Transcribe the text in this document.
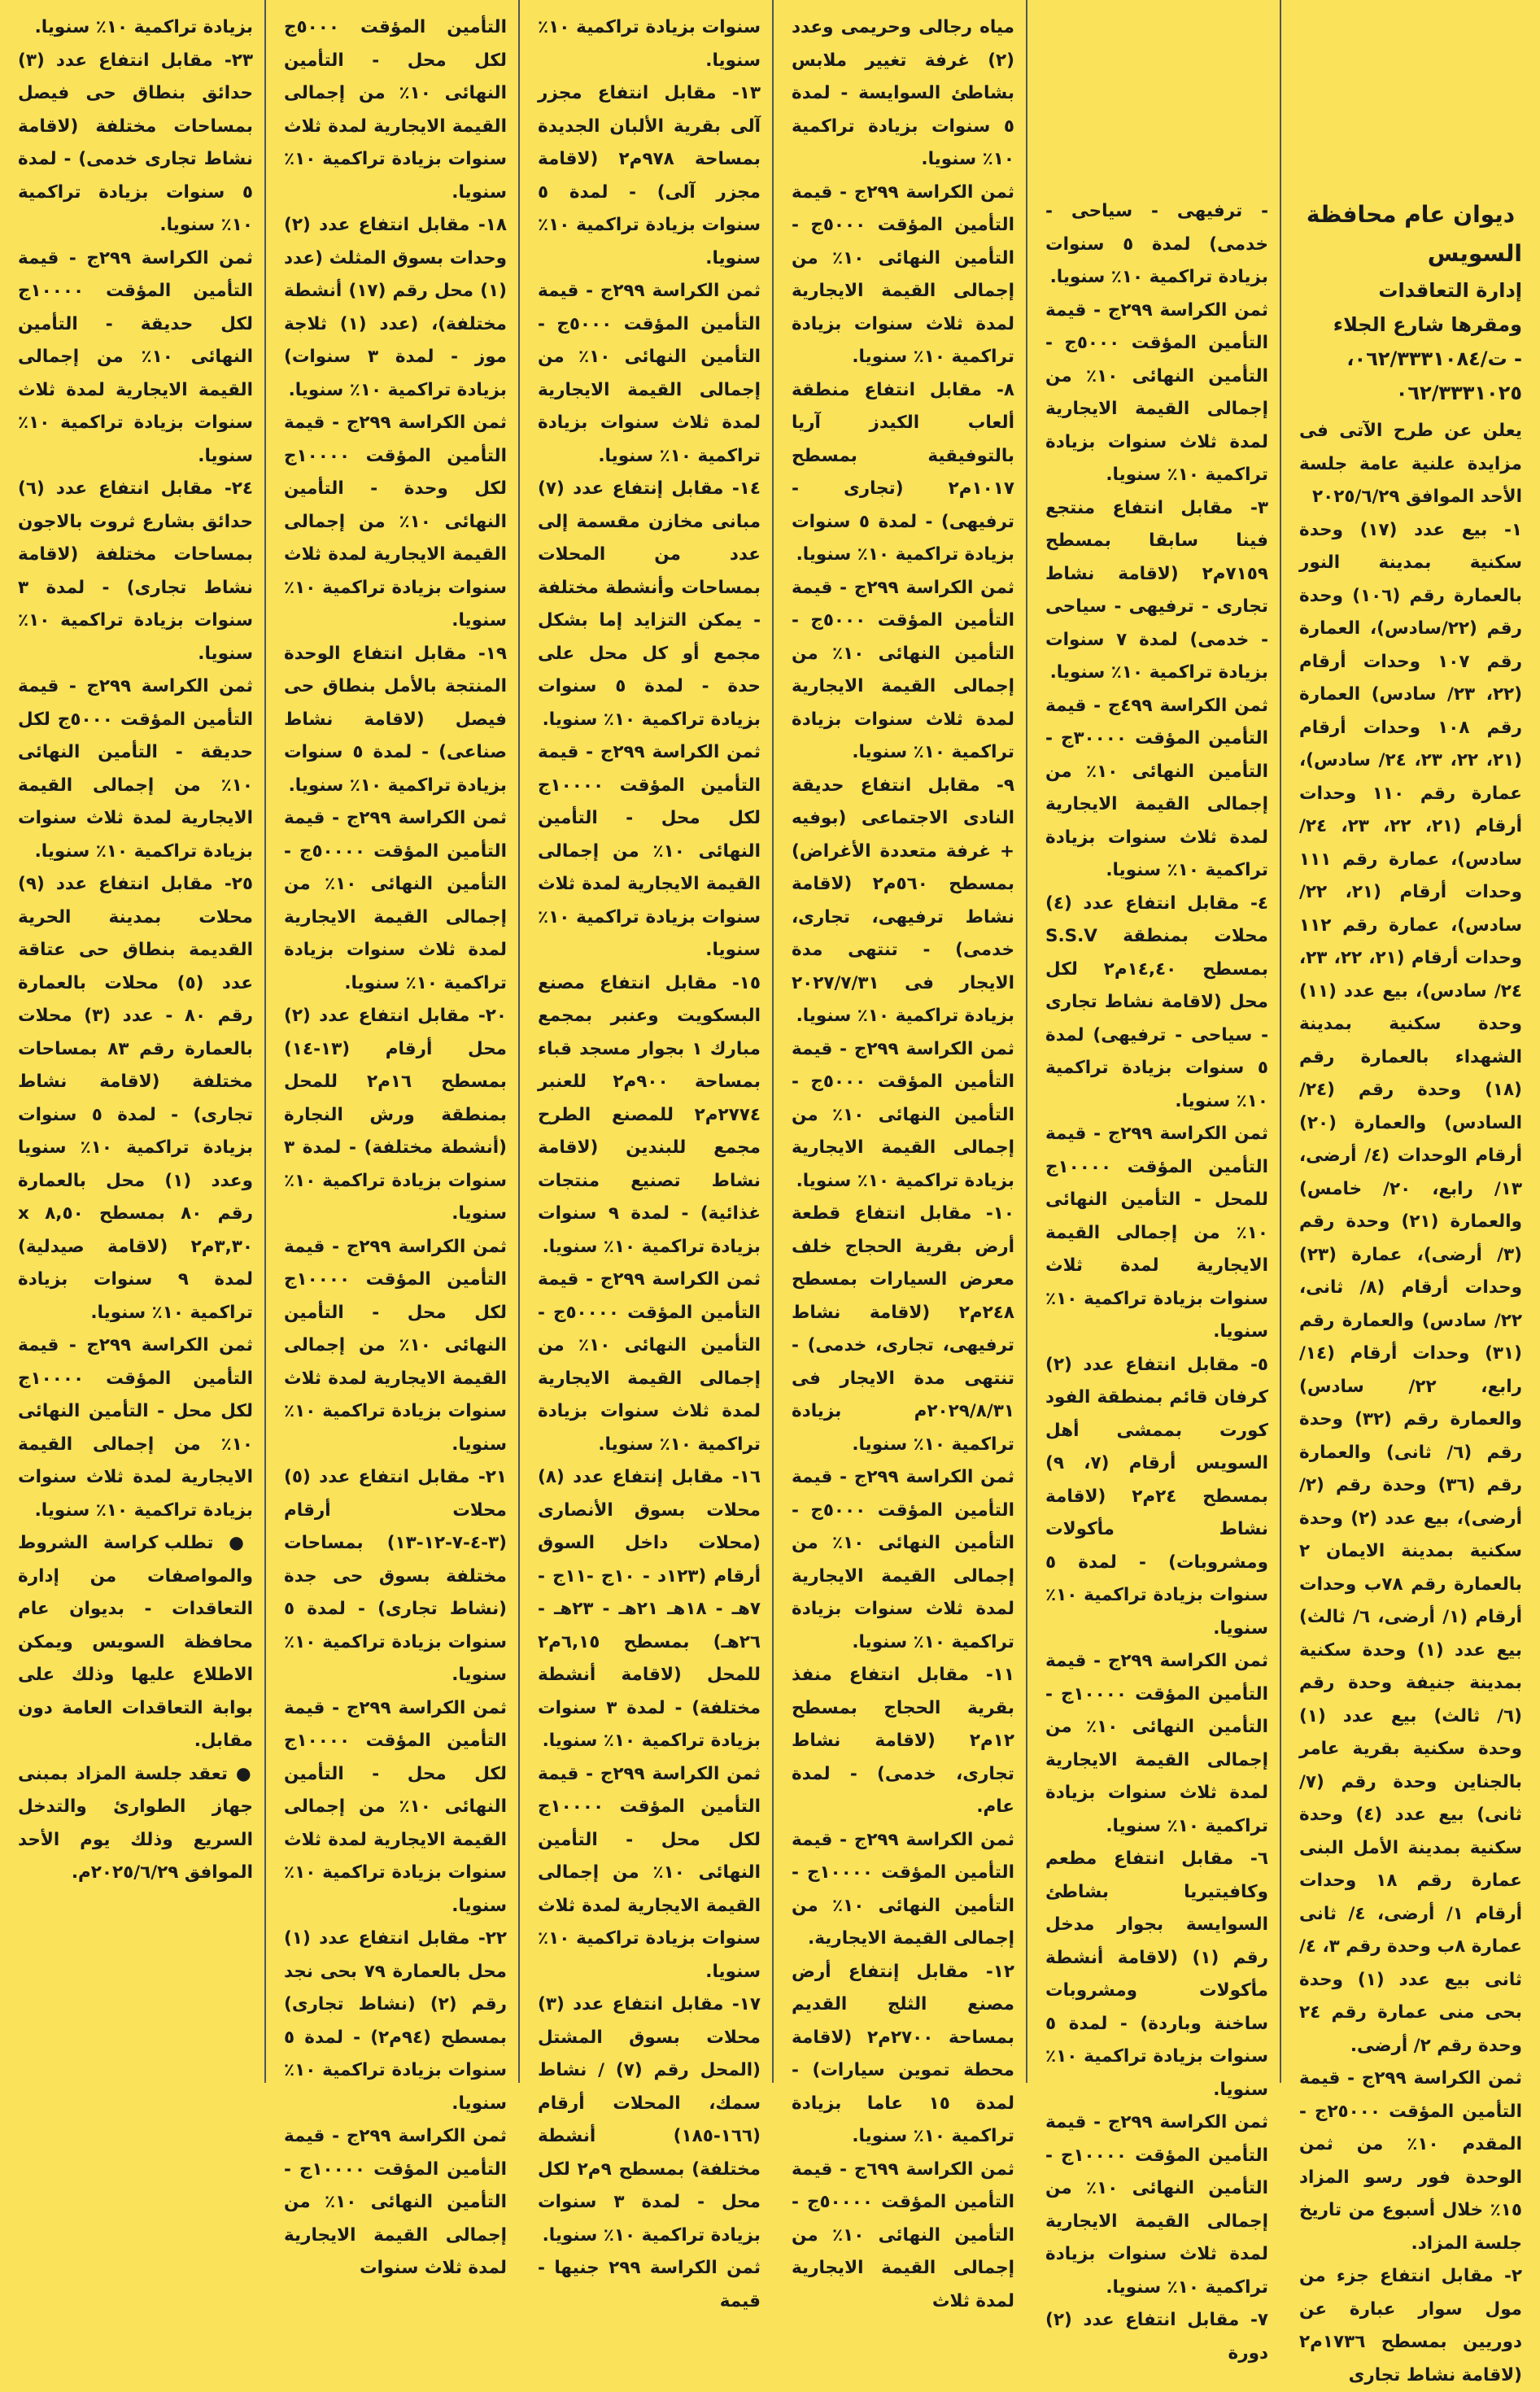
ديوان عام محافظة السويس
إدارة التعاقدات
ومقرها شارع الجلاء
- ت/٠٦٢/٣٣٣١٠٨٤،
٠٦٢/٣٣٣١٠٢٥

يعلن عن طرح الآتى فى مزايدة علنية عامة جلسة الأحد الموافق ٢٠٢٥/٦/٢٩

١- بيع عدد (١٧) وحدة سكنية بمدينة النور بالعمارة رقم (١٠٦) وحدة رقم (٢٢/سادس)، العمارة رقم ١٠٧ وحدات أرقام (٢٢، ٢٣/ سادس) العمارة رقم ١٠٨ وحدات أرقام (٢١، ٢٢، ٢٣، ٢٤/ سادس)، عمارة رقم ١١٠ وحدات أرقام (٢١، ٢٢، ٢٣، ٢٤/ سادس)، عمارة رقم ١١١ وحدات أرقام (٢١، ٢٢/ سادس)، عمارة رقم ١١٢ وحدات أرقام (٢١، ٢٢، ٢٣، ٢٤/ سادس)، بيع عدد (١١) وحدة سكنية بمدينة الشهداء بالعمارة رقم (١٨) وحدة رقم (٢٤/ السادس) والعمارة (٢٠) أرقام الوحدات (٤/ أرضى، ١٣/ رابع، ٢٠/ خامس) والعمارة (٢١) وحدة رقم (٣/ أرضى)، عمارة (٢٣) وحدات أرقام (٨/ ثانى، ٢٢/ سادس) والعمارة رقم (٣١) وحدات أرقام (١٤/ رابع، ٢٢/ سادس) والعمارة رقم (٣٢) وحدة رقم (٦/ ثانى) والعمارة رقم (٣٦) وحدة رقم (٢/ أرضى)، بيع عدد (٢) وحدة سكنية بمدينة الايمان ٢ بالعمارة رقم ٧٨ب وحدات أرقام (١/ أرضى، ٦/ ثالث) بيع عدد (١) وحدة سكنية بمدينة جنيفة وحدة رقم (٦/ ثالث) بيع عدد (١) وحدة سكنية بقرية عامر بالجناين وحدة رقم (٧/ ثانى) بيع عدد (٤) وحدة سكنية بمدينة الأمل البنى عمارة رقم ١٨ وحدات أرقام ١/ أرضى، ٤/ ثانى عمارة ٨ب وحدة رقم ٣، ٤/ ثانى بيع عدد (١) وحدة بحى منى عمارة رقم ٢٤ وحدة رقم ٢/ أرضى.

ثمن الكراسة ٢٩٩ج - قيمة التأمين المؤقت ٢٥٠٠٠ج - المقدم ١٠٪ من ثمن الوحدة فور رسو المزاد ١٥٪ خلال أسبوع من تاريخ جلسة المزاد.

٢- مقابل انتفاع جزء من مول سوار عبارة عن دوريين بمسطح ١٧٣٦م٢ (لاقامة نشاط تجارى

- ترفيهى - سياحى - خدمى) لمدة ٥ سنوات بزيادة تراكمية ١٠٪ سنويا.

ثمن الكراسة ٢٩٩ج - قيمة التأمين المؤقت ٥٠٠٠ج - التأمين النهائى ١٠٪ من إجمالى القيمة الايجارية لمدة ثلاث سنوات بزيادة تراكمية ١٠٪ سنويا.

٣- مقابل انتفاع منتجع فينا سابقا بمسطح ٧١٥٩م٢ (لاقامة نشاط تجارى - ترفيهى - سياحى - خدمى) لمدة ٧ سنوات بزيادة تراكمية ١٠٪ سنويا.

ثمن الكراسة ٤٩٩ج - قيمة التأمين المؤقت ٣٠٠٠٠ج - التأمين النهائى ١٠٪ من إجمالى القيمة الايجارية لمدة ثلاث سنوات بزيادة تراكمية ١٠٪ سنويا.

٤- مقابل انتفاع عدد (٤) محلات بمنطقة S.S.V بمسطح ١٤,٤٠م٢ لكل محل (لاقامة نشاط تجارى - سياحى - ترفيهى) لمدة ٥ سنوات بزيادة تراكمية ١٠٪ سنويا.

ثمن الكراسة ٢٩٩ج - قيمة التأمين المؤقت ١٠٠٠٠ج للمحل - التأمين النهائى ١٠٪ من إجمالى القيمة الايجارية لمدة ثلاث سنوات بزيادة تراكمية ١٠٪ سنويا.

٥- مقابل انتفاع عدد (٢) كرفان قائم بمنطقة الفود كورت بممشى أهل السويس أرقام (٧، ٩) بمسطح ٢٤م٢ (لاقامة نشاط مأكولات ومشروبات) - لمدة ٥ سنوات بزيادة تراكمية ١٠٪ سنويا.

ثمن الكراسة ٢٩٩ج - قيمة التأمين المؤقت ١٠٠٠٠ج - التأمين النهائى ١٠٪ من إجمالى القيمة الايجارية لمدة ثلاث سنوات بزيادة تراكمية ١٠٪ سنويا.

٦- مقابل انتفاع مطعم وكافيتيريا بشاطئ السوايسة بجوار مدخل رقم (١) (لاقامة أنشطة مأكولات ومشروبات ساخنة وباردة) - لمدة ٥ سنوات بزيادة تراكمية ١٠٪ سنويا.

ثمن الكراسة ٢٩٩ج - قيمة التأمين المؤقت ١٠٠٠٠ج - التأمين النهائى ١٠٪ من إجمالى القيمة الايجارية لمدة ثلاث سنوات بزيادة تراكمية ١٠٪ سنويا.

٧- مقابل انتفاع عدد (٢) دورة

مياه رجالى وحريمى وعدد (٢) غرفة تغيير ملابس بشاطئ السوايسة - لمدة ٥ سنوات بزيادة تراكمية ١٠٪ سنويا.

ثمن الكراسة ٢٩٩ج - قيمة التأمين المؤقت ٥٠٠٠ج - التأمين النهائى ١٠٪ من إجمالى القيمة الايجارية لمدة ثلاث سنوات بزيادة تراكمية ١٠٪ سنويا.

٨- مقابل انتفاع منطقة ألعاب الكيدز آريا بالتوفيقية بمسطح ١٠١٧م٢ (تجارى - ترفيهى) - لمدة ٥ سنوات بزيادة تراكمية ١٠٪ سنويا.

ثمن الكراسة ٢٩٩ج - قيمة التأمين المؤقت ٥٠٠٠ج - التأمين النهائى ١٠٪ من إجمالى القيمة الايجارية لمدة ثلاث سنوات بزيادة تراكمية ١٠٪ سنويا.

٩- مقابل انتفاع حديقة النادى الاجتماعى (بوفيه + غرفة متعددة الأغراض) بمسطح ٥٦٠م٢ (لاقامة نشاط ترفيهى، تجارى، خدمى) - تنتهى مدة الايجار فى ٢٠٢٧/٧/٣١ بزيادة تراكمية ١٠٪ سنويا.

ثمن الكراسة ٢٩٩ج - قيمة التأمين المؤقت ٥٠٠٠ج - التأمين النهائى ١٠٪ من إجمالى القيمة الايجارية بزيادة تراكمية ١٠٪ سنويا.

١٠- مقابل انتفاع قطعة أرض بقرية الحجاج خلف معرض السيارات بمسطح ٢٤٨م٢ (لاقامة نشاط ترفيهى، تجارى، خدمى) - تنتهى مدة الايجار فى ٢٠٢٩/٨/٣١م بزيادة تراكمية ١٠٪ سنويا.

ثمن الكراسة ٢٩٩ج - قيمة التأمين المؤقت ٥٠٠٠ج - التأمين النهائى ١٠٪ من إجمالى القيمة الايجارية لمدة ثلاث سنوات بزيادة تراكمية ١٠٪ سنويا.

١١- مقابل انتفاع منفذ بقرية الحجاج بمسطح ١٢م٢ (لاقامة نشاط تجارى، خدمى) - لمدة عام.

ثمن الكراسة ٢٩٩ج - قيمة التأمين المؤقت ١٠٠٠٠ج - التأمين النهائى ١٠٪ من إجمالى القيمة الايجارية.

١٢- مقابل إنتفاع أرض مصنع الثلج القديم بمساحة ٢٧٠٠م٢ (لاقامة محطة تموين سيارات) - لمدة ١٥ عاما بزيادة تراكمية ١٠٪ سنويا.

ثمن الكراسة ٦٩٩ج - قيمة التأمين المؤقت ٥٠٠٠٠ج - التأمين النهائى ١٠٪ من إجمالى القيمة الايجارية لمدة ثلاث

سنوات بزيادة تراكمية ١٠٪ سنويا.

١٣- مقابل انتفاع مجزر آلى بقرية الألبان الجديدة بمساحة ٩٧٨م٢ (لاقامة مجزر آلى) - لمدة ٥ سنوات بزيادة تراكمية ١٠٪ سنويا.

ثمن الكراسة ٢٩٩ج - قيمة التأمين المؤقت ٥٠٠٠ج - التأمين النهائى ١٠٪ من إجمالى القيمة الايجارية لمدة ثلاث سنوات بزيادة تراكمية ١٠٪ سنويا.

١٤- مقابل إنتفاع عدد (٧) مبانى مخازن مقسمة إلى عدد من المحلات بمساحات وأنشطة مختلفة - يمكن التزايد إما بشكل مجمع أو كل محل على حدة - لمدة ٥ سنوات بزيادة تراكمية ١٠٪ سنويا.

ثمن الكراسة ٢٩٩ج - قيمة التأمين المؤقت ١٠٠٠٠ج لكل محل - التأمين النهائى ١٠٪ من إجمالى القيمة الايجارية لمدة ثلاث سنوات بزيادة تراكمية ١٠٪ سنويا.

١٥- مقابل انتفاع مصنع البسكويت وعنبر بمجمع مبارك ١ بجوار مسجد قباء بمساحة ٩٠٠م٢ للعنبر ٢٧٧٤م٢ للمصنع الطرح مجمع للبندين (لاقامة نشاط تصنيع منتجات غذائية) - لمدة ٩ سنوات بزيادة تراكمية ١٠٪ سنويا.

ثمن الكراسة ٢٩٩ج - قيمة التأمين المؤقت ٥٠٠٠٠ج - التأمين النهائى ١٠٪ من إجمالى القيمة الايجارية لمدة ثلاث سنوات بزيادة تراكمية ١٠٪ سنويا.

١٦- مقابل إنتفاع عدد (٨) محلات بسوق الأنصارى (محلات داخل السوق أرقام (١٢٣د - ١٠ج -١١ج - ٧هـ - ١٨هـ ٢١هـ - ٢٣هـ - ٢٦هـ) بمسطح ٦,١٥م٢ للمحل (لاقامة أنشطة مختلفة) - لمدة ٣ سنوات بزيادة تراكمية ١٠٪ سنويا.

ثمن الكراسة ٢٩٩ج - قيمة التأمين المؤقت ١٠٠٠٠ج لكل محل - التأمين النهائى ١٠٪ من إجمالى القيمة الايجارية لمدة ثلاث سنوات بزيادة تراكمية ١٠٪ سنويا.

١٧- مقابل انتفاع عدد (٣) محلات بسوق المشتل (المحل رقم (٧) / نشاط سمك، المحلات أرقام (١٦٦-١٨٥) أنشطة مختلفة) بمسطح ٩م٢ لكل محل - لمدة ٣ سنوات بزيادة تراكمية ١٠٪ سنويا.

ثمن الكراسة ٢٩٩ جنيها - قيمة

التأمين المؤقت ٥٠٠٠ج لكل محل - التأمين النهائى ١٠٪ من إجمالى القيمة الايجارية لمدة ثلاث سنوات بزيادة تراكمية ١٠٪ سنويا.

١٨- مقابل انتفاع عدد (٢) وحدات بسوق المثلث (عدد (١) محل رقم (١٧) أنشطة مختلفة)، (عدد (١) ثلاجة موز - لمدة ٣ سنوات) بزيادة تراكمية ١٠٪ سنويا.

ثمن الكراسة ٢٩٩ج - قيمة التأمين المؤقت ١٠٠٠٠ج لكل وحدة - التأمين النهائى ١٠٪ من إجمالى القيمة الايجارية لمدة ثلاث سنوات بزيادة تراكمية ١٠٪ سنويا.

١٩- مقابل انتفاع الوحدة المنتجة بالأمل بنطاق حى فيصل (لاقامة نشاط صناعى) - لمدة ٥ سنوات بزيادة تراكمية ١٠٪ سنويا.

ثمن الكراسة ٢٩٩ج - قيمة التأمين المؤقت ٥٠٠٠٠ج - التأمين النهائى ١٠٪ من إجمالى القيمة الايجارية لمدة ثلاث سنوات بزيادة تراكمية ١٠٪ سنويا.

٢٠- مقابل انتفاع عدد (٢) محل أرقام (١٣-١٤) بمسطح ١٦م٢ للمحل بمنطقة ورش النجارة (أنشطة مختلفة) - لمدة ٣ سنوات بزيادة تراكمية ١٠٪ سنويا.

ثمن الكراسة ٢٩٩ج - قيمة التأمين المؤقت ١٠٠٠٠ج لكل محل - التأمين النهائى ١٠٪ من إجمالى القيمة الايجارية لمدة ثلاث سنوات بزيادة تراكمية ١٠٪ سنويا.

٢١- مقابل انتفاع عدد (٥) محلات أرقام (٣-٤-٧-١٢-١٣) بمساحات مختلفة بسوق حى جدة (نشاط تجارى) - لمدة ٥ سنوات بزيادة تراكمية ١٠٪ سنويا.

ثمن الكراسة ٢٩٩ج - قيمة التأمين المؤقت ١٠٠٠٠ج لكل محل - التأمين النهائى ١٠٪ من إجمالى القيمة الايجارية لمدة ثلاث سنوات بزيادة تراكمية ١٠٪ سنويا.

٢٢- مقابل انتفاع عدد (١) محل بالعمارة ٧٩ بحى نجد رقم (٢) (نشاط تجارى) بمسطح (٩٤م٢) - لمدة ٥ سنوات بزيادة تراكمية ١٠٪ سنويا.

ثمن الكراسة ٢٩٩ج - قيمة التأمين المؤقت ١٠٠٠٠ج - التأمين النهائى ١٠٪ من إجمالى القيمة الايجارية لمدة ثلاث سنوات

بزيادة تراكمية ١٠٪ سنويا.

٢٣- مقابل انتفاع عدد (٣) حدائق بنطاق حى فيصل بمساحات مختلفة (لاقامة نشاط تجارى خدمى) - لمدة ٥ سنوات بزيادة تراكمية ١٠٪ سنويا.

ثمن الكراسة ٢٩٩ج - قيمة التأمين المؤقت ١٠٠٠٠ج لكل حديقة - التأمين النهائى ١٠٪ من إجمالى القيمة الايجارية لمدة ثلاث سنوات بزيادة تراكمية ١٠٪ سنويا.

٢٤- مقابل انتفاع عدد (٦) حدائق بشارع ثروت بالاجون بمساحات مختلفة (لاقامة نشاط تجارى) - لمدة ٣ سنوات بزيادة تراكمية ١٠٪ سنويا.

ثمن الكراسة ٢٩٩ج - قيمة التأمين المؤقت ٥٠٠٠ج لكل حديقة - التأمين النهائى ١٠٪ من إجمالى القيمة الايجارية لمدة ثلاث سنوات بزيادة تراكمية ١٠٪ سنويا.

٢٥- مقابل انتفاع عدد (٩) محلات بمدينة الحرية القديمة بنطاق حى عتاقة عدد (٥) محلات بالعمارة رقم ٨٠ - عدد (٣) محلات بالعمارة رقم ٨٣ بمساحات مختلفة (لاقامة نشاط تجارى) - لمدة ٥ سنوات بزيادة تراكمية ١٠٪ سنويا وعدد (١) محل بالعمارة رقم ٨٠ بمسطح ٨,٥٠ x ٣,٣٠م٢ (لاقامة صيدلية) لمدة ٩ سنوات بزيادة تراكمية ١٠٪ سنويا.

ثمن الكراسة ٢٩٩ج - قيمة التأمين المؤقت ١٠٠٠٠ج لكل محل - التأمين النهائى ١٠٪ من إجمالى القيمة الايجارية لمدة ثلاث سنوات بزيادة تراكمية ١٠٪ سنويا.

● تطلب كراسة الشروط والمواصفات من إدارة التعاقدات - بديوان عام محافظة السويس ويمكن الاطلاع عليها وذلك على بوابة التعاقدات العامة دون مقابل.

● تعقد جلسة المزاد بمبنى جهاز الطوارئ والتدخل السريع وذلك يوم الأحد الموافق ٢٠٢٥/٦/٢٩م.
